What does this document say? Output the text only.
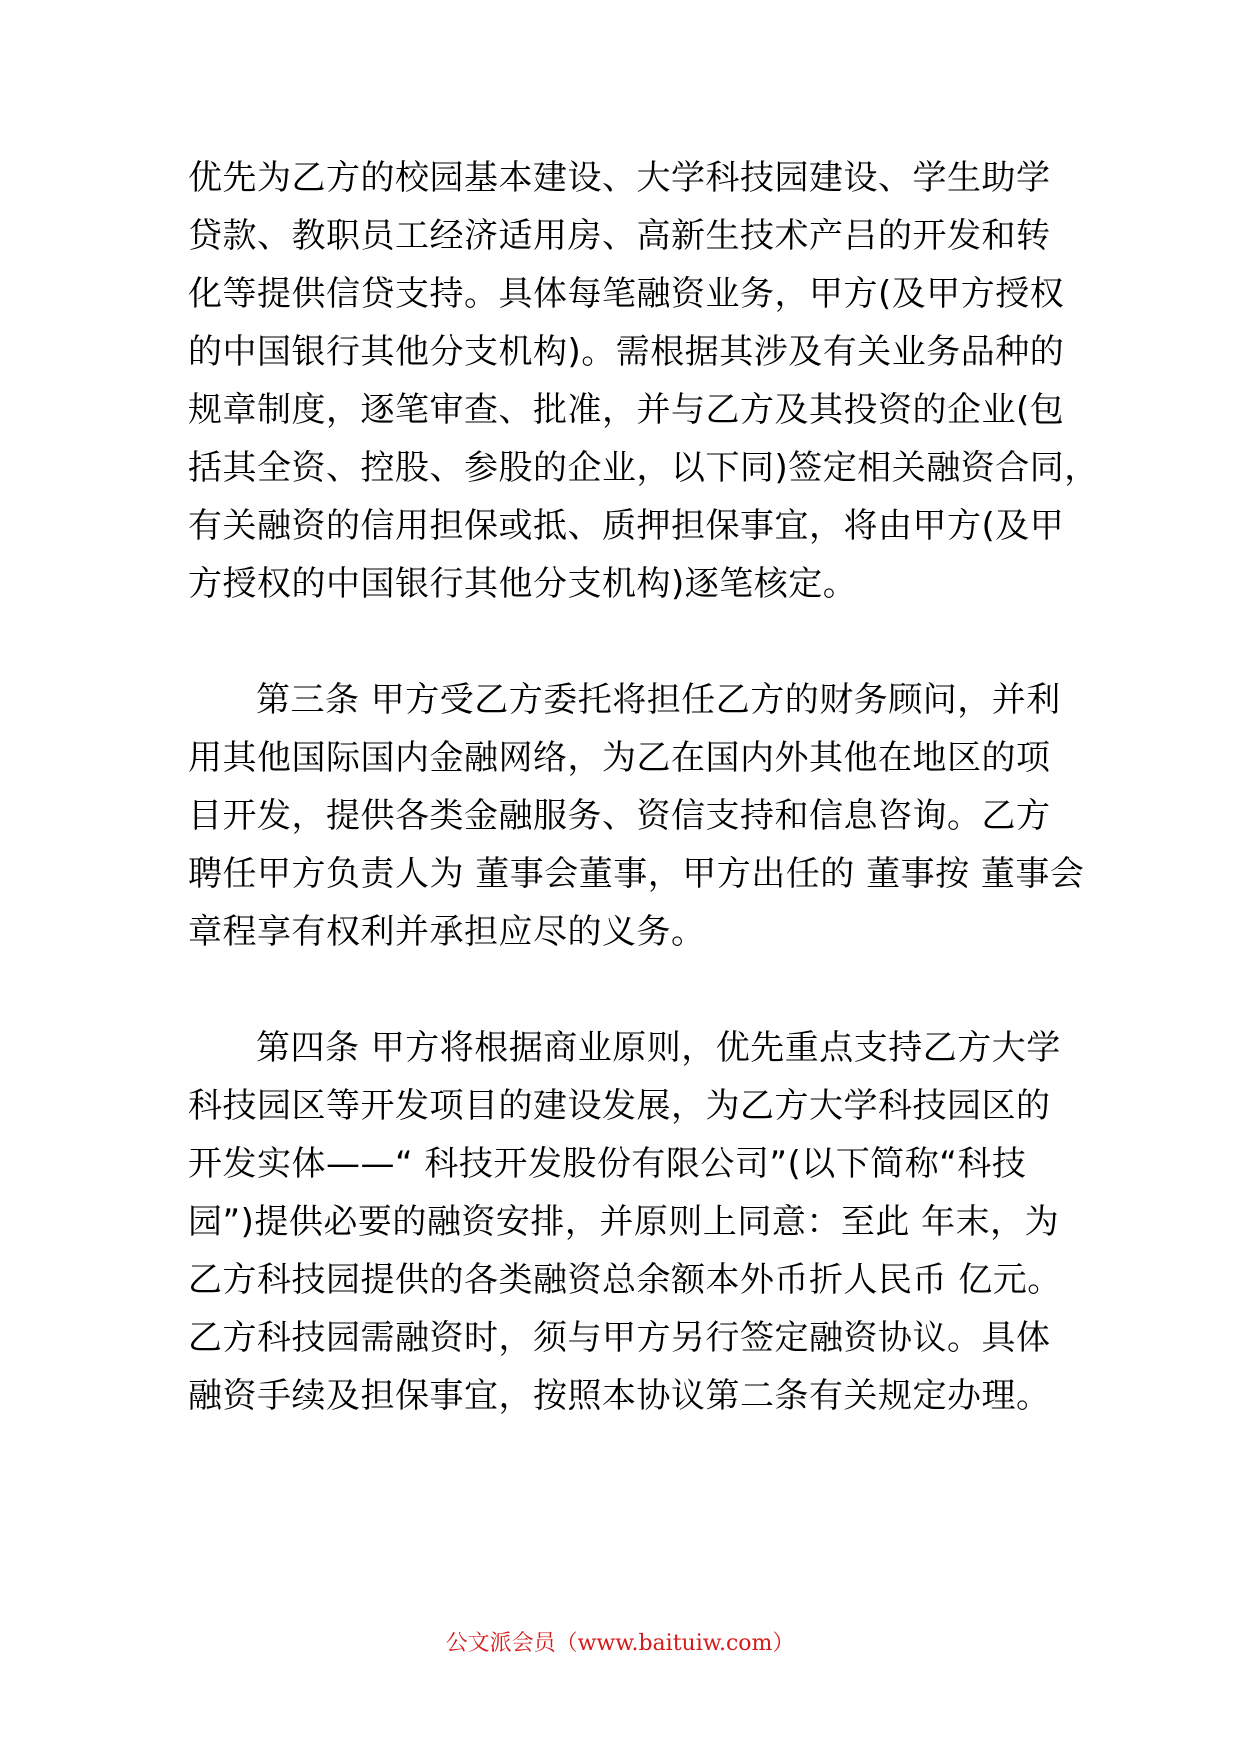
优先为乙方的校园基本建设、大学科技园建设、学生助学
贷款、教职员工经济适用房、高新生技术产吕的开发和转
化等提供信贷支持。具体每笔融资业务，甲方(及甲方授权
的中国银行其他分支机构)。需根据其涉及有关业务品种的
规章制度，逐笔审查、批准，并与乙方及其投资的企业(包
括其全资、控股、参股的企业，以下同)签定相关融资合同，
有关融资的信用担保或抵、质押担保事宜，将由甲方(及甲
方授权的中国银行其他分支机构)逐笔核定。
第三条 甲方受乙方委托将担任乙方的财务顾问，并利
用其他国际国内金融网络，为乙在国内外其他在地区的项
目开发，提供各类金融服务、资信支持和信息咨询。乙方
聘任甲方负责人为 董事会董事，甲方出任的 董事按 董事会
章程享有权利并承担应尽的义务。
第四条 甲方将根据商业原则，优先重点支持乙方大学
科技园区等开发项目的建设发展，为乙方大学科技园区的
开发实体——“ 科技开发股份有限公司”(以下简称“科技
园”)提供必要的融资安排，并原则上同意：至此 年末，为
乙方科技园提供的各类融资总余额本外币折人民币 亿元。
乙方科技园需融资时，须与甲方另行签定融资协议。具体
融资手续及担保事宜，按照本协议第二条有关规定办理。
公文派会员（www.baituiw.com）
